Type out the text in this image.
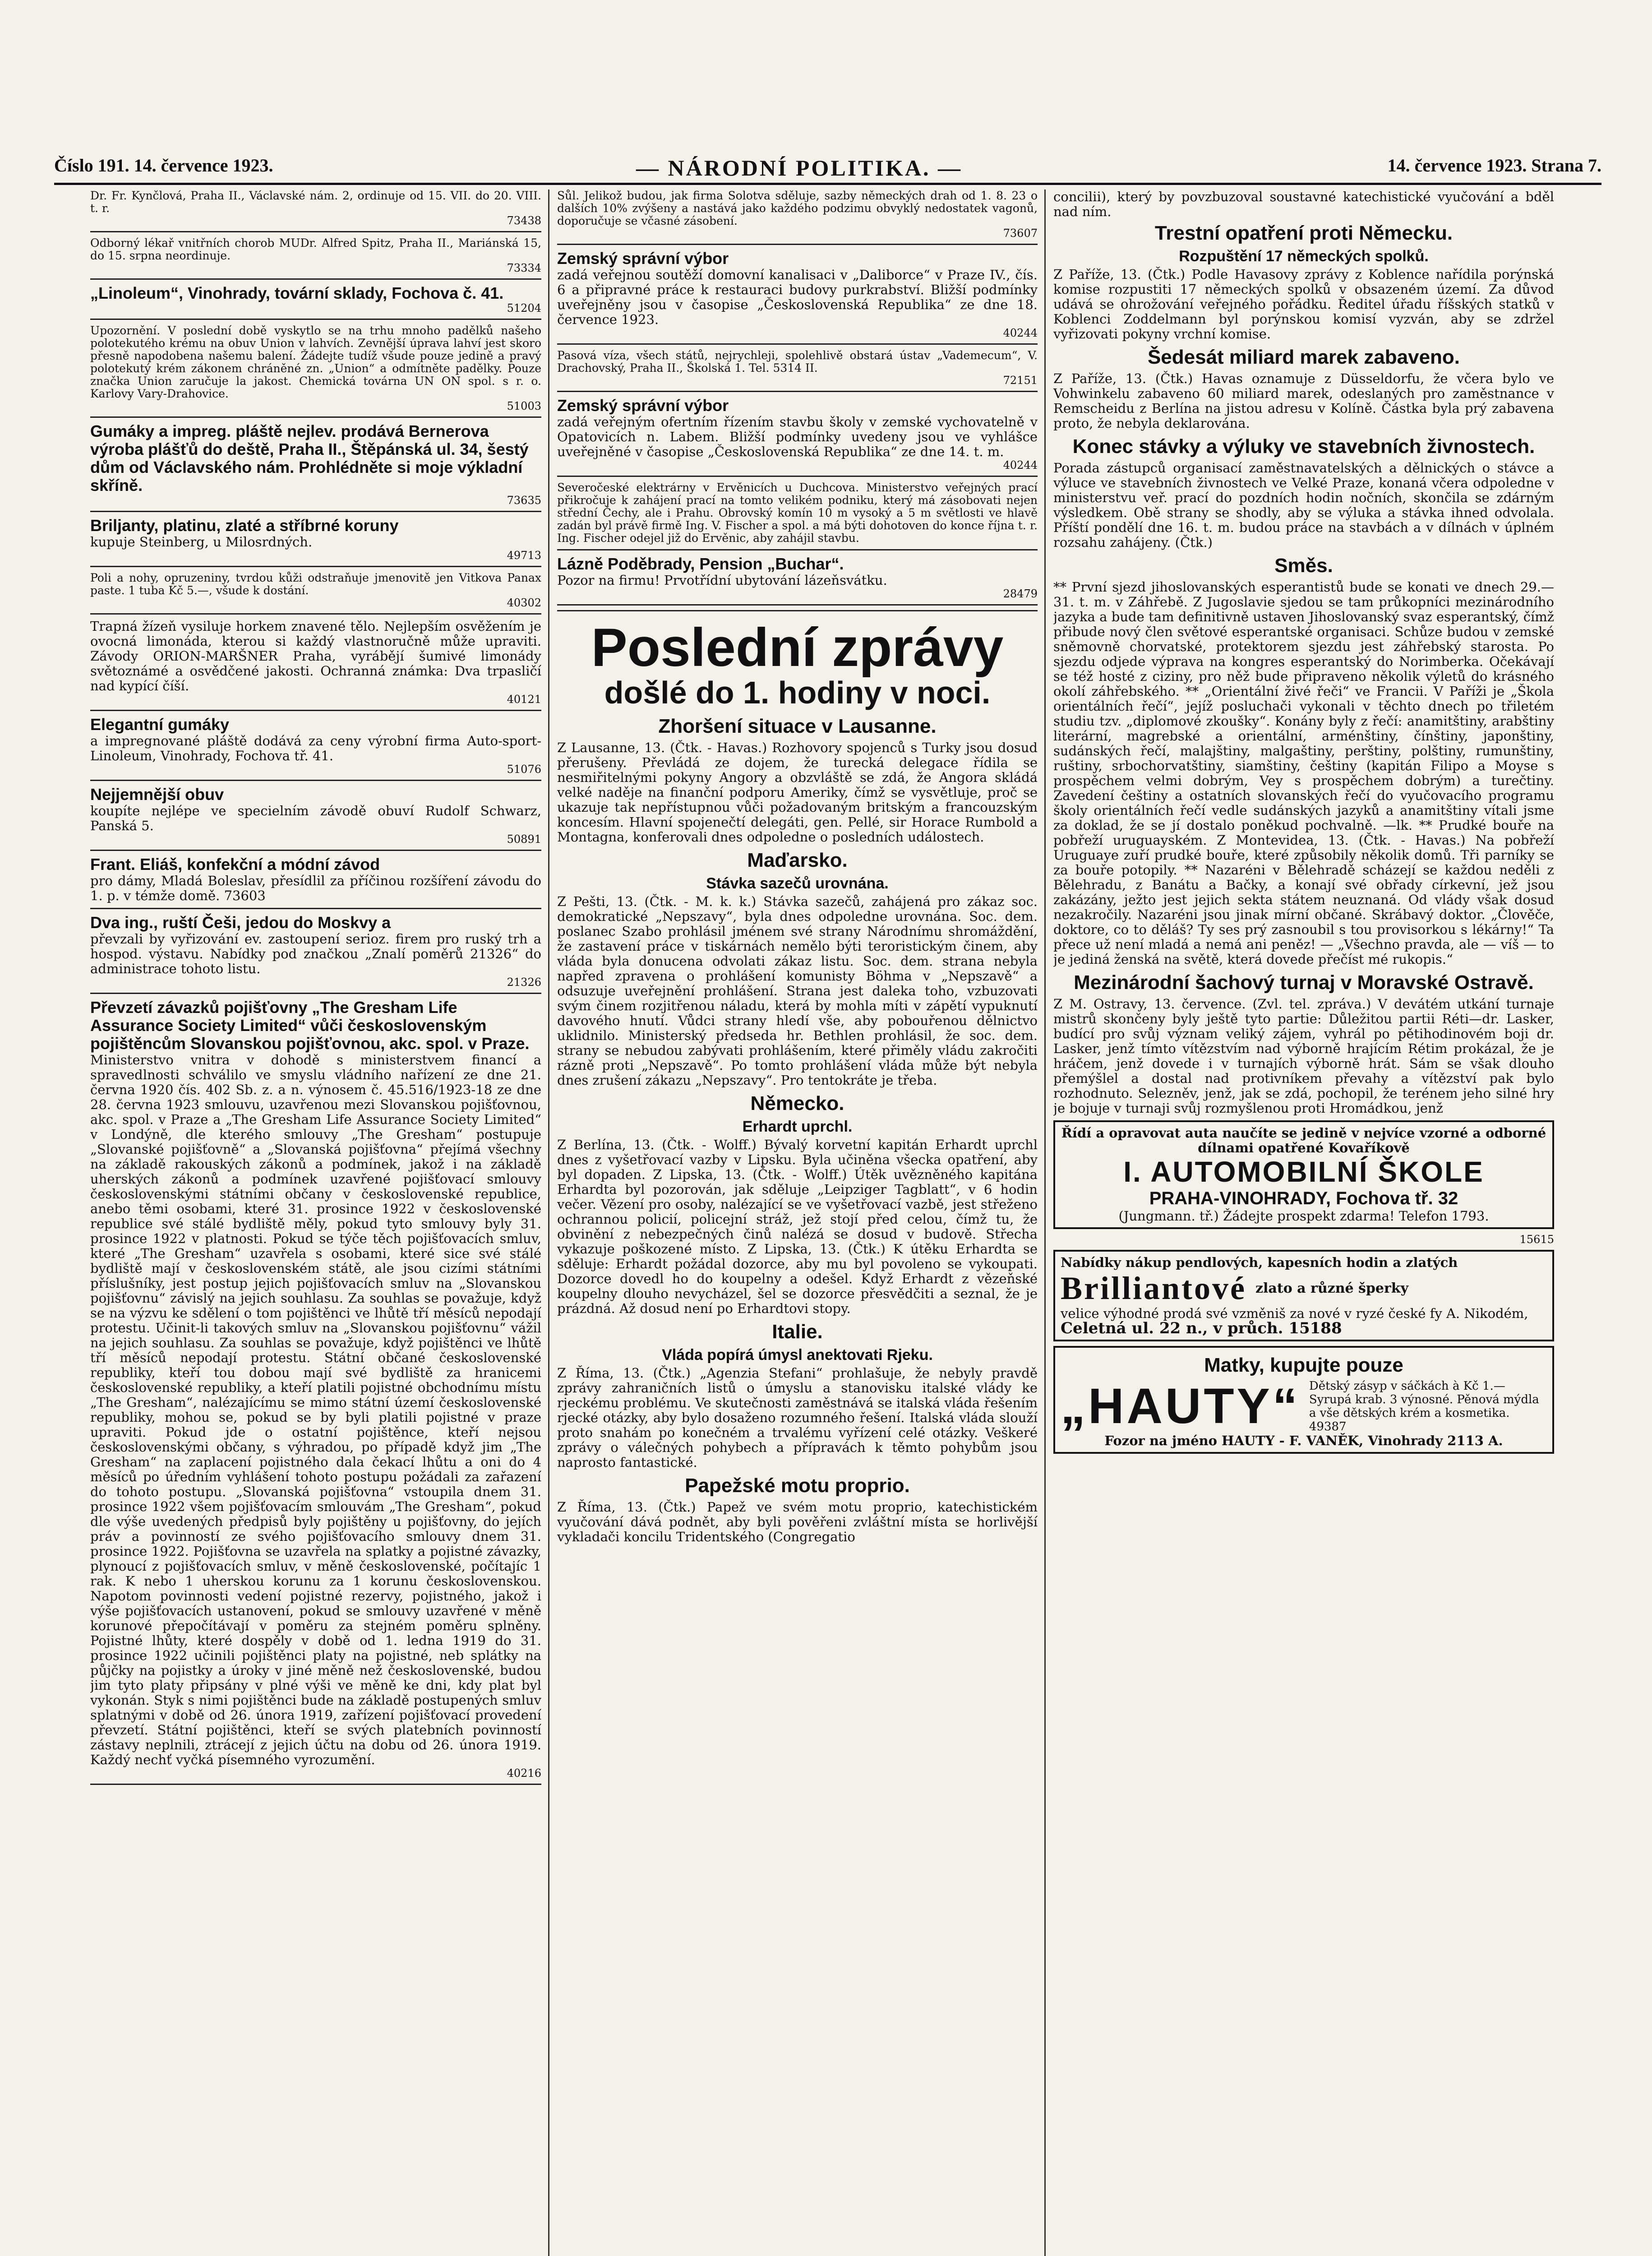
Číslo 191. 14. července 1923.	— NÁRODNÍ POLITIKA. —	14. července 1923. Strana 7.

Dr. Fr. Kynčlová, Praha II., Václavské nám. 2, ordinuje od 15. VII. do 20. VIII. t. r.

73438

Odborný lékař vnitřních chorob MUDr. Alfred Spitz, Praha II., Mariánská 15, do 15. srpna neordinuje.

73334
„Linoleum“, Vinohrady, tovární sklady, Fochova č. 41.
51204

Upozornění. V poslední době vyskytlo se na trhu mnoho padělků našeho polotekutého krému na obuv Union v lahvích. Zevnější úprava lahví jest skoro přesně napodobena našemu balení. Žádejte tudíž všude pouze jedině a pravý polotekutý krém zákonem chráněné zn. „Union“ a odmítněte padělky. Pouze značka Union zaručuje la jakost. Chemická továrna UN ON spol. s r. o. Karlovy Vary-Drahovice.

51003
Gumáky a impreg. pláště nejlev. prodává Bernerova výroba plášťů do deště, Praha II., Štěpánská ul. 34, šestý dům od Václavského nám. Prohlédněte si moje výkladní skříně.
73635
Briljanty, platinu, zlaté a stříbrné koruny

kupuje Steinberg, u Milosrdných.

49713

Poli a nohy, opruzeniny, tvrdou kůži odstraňuje jmenovitě jen Vitkova Panax paste. 1 tuba Kč 5.—, všude k dostání.

40302

Trapná žízeň vysiluje horkem znavené tělo. Nejlepším osvěžením je ovocná limonáda, kterou si každý vlastnoručně může upraviti. Závody ORION-MARŠNER Praha, vyrábějí šumivé limonády světoznámé a osvědčené jakosti. Ochranná známka: Dva trpasličí nad kypící číší.

40121
Elegantní gumáky

a impregnované pláště dodává za ceny výrobní firma Auto-sport-Linoleum, Vinohrady, Fochova tř. 41.

51076
Nejjemnější obuv

koupíte nejlépe ve specielním závodě obuví Rudolf Schwarz, Panská 5.

50891
Frant. Eliáš, konfekční a módní závod

pro dámy, Mladá Boleslav, přesídlil za příčinou rozšíření závodu do 1. p. v témže domě. 73603

Dva ing., ruští Češi, jedou do Moskvy a

převzali by vyřizování ev. zastoupení serioz. firem pro ruský trh a hospod. výstavu. Nabídky pod značkou „Znalí poměrů 21326“ do administrace tohoto listu.

21326
Převzetí závazků pojišťovny „The Gresham Life Assurance Society Limited“ vůči československým pojištěncům Slovanskou pojišťovnou, akc. spol. v Praze.

Ministerstvo vnitra v dohodě s ministerstvem financí a spravedlnosti schválilo ve smyslu vládního nařízení ze dne 21. června 1920 čís. 402 Sb. z. a n. výnosem č. 45.516/1923-18 ze dne 28. června 1923 smlouvu, uzavřenou mezi Slovanskou pojišťovnou, akc. spol. v Praze a „The Gresham Life Assurance Society Limited“ v Londýně, dle kterého smlouvy „The Gresham“ postupuje „Slovanské pojišťovně“ a „Slovanská pojišťovna“ přejímá všechny na základě rakouských zákonů a podmínek, jakož i na základě uherských zákonů a podmínek uzavřené pojišťovací smlouvy československými státními občany v československé republice, anebo těmi osobami, které 31. prosince 1922 v československé republice své stálé bydliště měly, pokud tyto smlouvy byly 31. prosince 1922 v platnosti. Pokud se týče těch pojišťovacích smluv, které „The Gresham“ uzavřela s osobami, které sice své stálé bydliště mají v československém státě, ale jsou cizími státními příslušníky, jest postup jejich pojišťovacích smluv na „Slovanskou pojišťovnu“ závislý na jejich souhlasu. Za souhlas se považuje, když se na výzvu ke sdělení o tom pojištěnci ve lhůtě tří měsíců nepodají protestu. Učinit-li takových smluv na „Slovanskou pojišťovnu“ vážil na jejich souhlasu. Za souhlas se považuje, když pojištěnci ve lhůtě tří měsíců nepodají protestu. Státní občané československé republiky, kteří tou dobou mají své bydliště za hranicemi československé republiky, a kteří platili pojistné obchodnímu místu „The Gresham“, nalézajícímu se mimo státní území československé republiky, mohou se, pokud se by byli platili pojistné v praze upraviti. Pokud jde o ostatní pojištěnce, kteří nejsou československými občany, s výhradou, po případě když jim „The Gresham“ na zaplacení pojistného dala čekací lhůtu a oni do 4 měsíců po úředním vyhlášení tohoto postupu požádali za zařazení do tohoto postupu. „Slovanská pojišťovna“ vstoupila dnem 31. prosince 1922 všem pojišťovacím smlouvám „The Gresham“, pokud dle výše uvedených předpisů byly pojištěny u pojišťovny, do jejích práv a povinností ze svého pojišťovacího smlouvy dnem 31. prosince 1922. Pojišťovna se uzavřela na splatky a pojistné závazky, plynoucí z pojišťovacích smluv, v měně československé, počítajíc 1 rak. K nebo 1 uherskou korunu za 1 korunu československou. Napotom povinnosti vedení pojistné rezervy, pojistného, jakož i výše pojišťovacích ustanovení, pokud se smlouvy uzavřené v měně korunové přepočítávají v poměru za stejném poměru splněny. Pojistné lhůty, které dospěly v době od 1. ledna 1919 do 31. prosince 1922 učinili pojištěnci platy na pojistné, neb splátky na půjčky na pojistky a úroky v jiné měně než československé, budou jim tyto platy připsány v plné výši ve měně ke dni, kdy plat byl vykonán. Styk s nimi pojištěnci bude na základě postupených smluv splatnými v době od 26. února 1919, zařízení pojišťovací provedení převzetí. Státní pojištěnci, kteří se svých platebních povinností zástavy neplnili, ztrácejí z jejich účtu na dobu od 26. února 1919. Každý nechť vyčká písemného vyrozumění.

40216

Sůl. Jelikož budou, jak firma Solotva sděluje, sazby německých drah od 1. 8. 23 o dalších 10% zvýšeny a nastává jako každého podzimu obvyklý nedostatek vagonů, doporučuje se včasné zásobení.

73607
Zemský správní výbor

zadá veřejnou soutěží domovní kanalisaci v „Daliborce“ v Praze IV., čís. 6 a připravné práce k restauraci budovy purkrabství. Bližší podmínky uveřejněny jsou v časopise „Československá Republika“ ze dne 18. července 1923.

40244

Pasová víza, všech států, nejrychleji, spolehlivě obstará ústav „Vademecum“, V. Drachovský, Praha II., Školská 1. Tel. 5314 II.

72151
Zemský správní výbor

zadá veřejným ofertním řízením stavbu školy v zemské vychovatelně v Opatovicích n. Labem. Bližší podmínky uvedeny jsou ve vyhlášce uveřejněné v časopise „Československá Republika“ ze dne 14. t. m.

40244

Severočeské elektrárny v Ervěnicích u Duchcova. Ministerstvo veřejných prací přikročuje k zahájení prací na tomto velikém podniku, který má zásobovati nejen střední Čechy, ale i Prahu. Obrovský komín 10 m vysoký a 5 m světlosti ve hlavě zadán byl právě firmě Ing. V. Fischer a spol. a má býti dohotoven do konce října t. r. Ing. Fischer odejel již do Ervěnic, aby zahájil stavbu.

Lázně Poděbrady, Pension „Buchar“.

Pozor na firmu! Prvotřídní ubytování lázeňsvátku.

28479
Poslední zprávy
došlé do 1. hodiny v noci.
Zhoršení situace v Lausanne.

Z Lausanne, 13. (Čtk. - Havas.) Rozhovory spojenců s Turky jsou dosud přerušeny. Převládá ze dojem, že turecká delegace řídila se nesmiřitelnými pokyny Angory a obzvláště se zdá, že Angora skládá velké naděje na finanční podporu Ameriky, čímž se vysvětluje, proč se ukazuje tak nepřístupnou vůči požadovaným britským a francouzským koncesím. Hlavní spojenečtí delegáti, gen. Pellé, sir Horace Rumbold a Montagna, konferovali dnes odpoledne o posledních událostech.

Maďarsko.
Stávka sazečů urovnána.

Z Pešti, 13. (Čtk. - M. k. k.) Stávka sazečů, zahájená pro zákaz soc. demokratické „Nepszavy“, byla dnes odpoledne urovnána. Soc. dem. poslanec Szabo prohlásil jménem své strany Národnímu shromáždění, že zastavení práce v tiskárnách nemělo býti teroristickým činem, aby vláda byla donucena odvolati zákaz listu. Soc. dem. strana nebyla napřed zpravena o prohlášení komunisty Böhma v „Nepszavě“ a odsuzuje uveřejnění prohlášení. Strana jest daleka toho, vzbuzovati svým činem rozjitřenou náladu, která by mohla míti v zápětí vypuknutí davového hnutí. Vůdci strany hledí vše, aby pobouřenou dělnictvo uklidnilo. Ministerský předseda hr. Bethlen prohlásil, že soc. dem. strany se nebudou zabývati prohlášením, které přiměly vládu zakročiti rázně proti „Nepszavě“. Po tomto prohlášení vláda může být nebyla dnes zrušení zákazu „Nepszavy“. Pro tentokráte je třeba.

Německo.
Erhardt uprchl.

Z Berlína, 13. (Čtk. - Wolff.) Bývalý korvetní kapitán Erhardt uprchl dnes z vyšetřovací vazby v Lipsku. Byla učiněna všecka opatření, aby byl dopaden. Z Lipska, 13. (Čtk. - Wolff.) Útěk uvězněného kapitána Erhardta byl pozorován, jak sděluje „Leipziger Tagblatt“, v 6 hodin večer. Vězení pro osoby, nalézající se ve vyšetřovací vazbě, jest střeženo ochrannou policií, policejní stráž, jež stojí před celou, čímž tu, že obvinění z nebezpečných činů nalézá se dosud v budově. Střecha vykazuje poškozené místo. Z Lipska, 13. (Čtk.) K útěku Erhardta se sděluje: Erhardt požádal dozorce, aby mu byl povoleno se vykoupati. Dozorce dovedl ho do koupelny a odešel. Když Erhardt z vězeňské koupelny dlouho nevycházel, šel se dozorce přesvědčiti a seznal, že je prázdná. Až dosud není po Erhardtovi stopy.

Italie.
Vláda popírá úmysl anektovati Rjeku.

Z Říma, 13. (Čtk.) „Agenzia Stefani“ prohlašuje, že nebyly pravdě zprávy zahraničních listů o úmyslu a stanovisku italské vlády ke rjeckému problému. Ve skutečnosti zaměstnává se italská vláda řešením rjecké otázky, aby bylo dosaženo rozumného řešení. Italská vláda slouží proto snahám po konečném a trvalému vyřízení celé otázky. Veškeré zprávy o válečných pohybech a přípravách k těmto pohybům jsou naprosto fantastické.

Papežské motu proprio.

Z Říma, 13. (Čtk.) Papež ve svém motu proprio, katechistickém vyučování dává podnět, aby byli pověřeni zvláštní místa se horlivější vykladači koncilu Tridentského (Congregatio

concilii), který by povzbuzoval soustavné katechistické vyučování a bděl nad ním.

Trestní opatření proti Německu.
Rozpuštění 17 německých spolků.

Z Paříže, 13. (Čtk.) Podle Havasovy zprávy z Koblence nařídila porýnská komise rozpustiti 17 německých spolků v obsazeném území. Za důvod udává se ohrožování veřejného pořádku. Ředitel úřadu říšských statků v Koblenci Zoddelmann byl porýnskou komisí vyzván, aby se zdržel vyřizovati pokyny vrchní komise.

Šedesát miliard marek zabaveno.

Z Paříže, 13. (Čtk.) Havas oznamuje z Düsseldorfu, že včera bylo ve Vohwinkelu zabaveno 60 miliard marek, odeslaných pro zaměstnance v Remscheidu z Berlína na jistou adresu v Kolíně. Částka byla prý zabavena proto, že nebyla deklarována.

Konec stávky a výluky ve stavebních živnostech.

Porada zástupců organisací zaměstnavatelských a dělnických o stávce a výluce ve stavebních živnostech ve Velké Praze, konaná včera odpoledne v ministerstvu veř. prací do pozdních hodin nočních, skončila se zdárným výsledkem. Obě strany se shodly, aby se výluka a stávka ihned odvolala. Příští pondělí dne 16. t. m. budou práce na stavbách a v dílnách v úplném rozsahu zahájeny. (Čtk.)

Směs.

** První sjezd jihoslovanských esperantistů bude se konati ve dnech 29.—31. t. m. v Záhřebě. Z Jugoslavie sjedou se tam průkopníci mezinárodního jazyka a bude tam definitivně ustaven Jihoslovanský svaz esperantský, čímž přibude nový člen světové esperantské organisaci. Schůze budou v zemské sněmovně chorvatské, protektorem sjezdu jest záhřebský starosta. Po sjezdu odjede výprava na kongres esperantský do Norimberka. Očekávají se též hosté z ciziny, pro něž bude připraveno několik výletů do krásného okolí záhřebského. ** „Orientální živé řeči“ ve Francii. V Paříži je „Škola orientálních řečí“, jejíž posluchači vykonali v těchto dnech po třiletém studiu tzv. „diplomové zkoušky“. Konány byly z řečí: anamitštiny, arabštiny literární, magrebské a orientální, arménštiny, čínštiny, japonštiny, sudánských řečí, malajštiny, malgaštiny, perštiny, polštiny, rumunštiny, ruštiny, srbochorvatštiny, siamštiny, češtiny (kapitán Filipo a Moyse s prospěchem velmi dobrým, Vey s prospěchem dobrým) a turečtiny. Zavedení češtiny a ostatních slovanských řečí do vyučovacího programu školy orientálních řečí vedle sudánských jazyků a anamitštiny vítali jsme za doklad, že se jí dostalo poněkud pochvalně. —lk. ** Prudké bouře na pobřeží uruguayském. Z Montevidea, 13. (Čtk. - Havas.) Na pobřeží Uruguaye zuří prudké bouře, které způsobily několik domů. Tři parníky se za bouře potopily. ** Nazaréni v Bělehradě scházejí se každou neděli z Bělehradu, z Banátu a Bačky, a konají své obřady církevní, jež jsou zakázány, ježto jest jejich sekta státem neuznaná. Od vlády však dosud nezakročily. Nazaréni jsou jinak mírní občané. Skrábavý doktor. „Člověče, doktore, co to děláš? Ty ses prý zasnoubil s tou provisorkou s lékárny!“ Ta přece už není mladá a nemá ani peněz! — „Všechno pravda, ale — víš — to je jediná ženská na světě, která dovede přečíst mé rukopis.“

Mezinárodní šachový turnaj v Moravské Ostravě.

Z M. Ostravy, 13. července. (Zvl. tel. zpráva.) V devátém utkání turnaje mistrů skončeny byly ještě tyto partie: Důležitou partii Réti—dr. Lasker, budící pro svůj význam veliký zájem, vyhrál po pětihodinovém boji dr. Lasker, jenž tímto vítězstvím nad výborně hrajícím Rétim prokázal, že je hráčem, jenž dovede i v turnajích výborně hrát. Sám se však dlouho přemýšlel a dostal nad protivníkem převahy a vítězství pak bylo rozhodnuto. Selezněv, jenž, jak se zdá, pochopil, že terénem jeho silné hry je bojuje v turnaji svůj rozmyšlenou proti Hromádkou, jenž

Řídí a opravovat auta naučíte se jedině v nejvíce vzorné a odborné dílnami opatřené Kovaříkově

I. AUTOMOBILNÍ ŠKOLE
PRAHA-VINOHRADY, Fochova tř. 32

(Jungmann. tř.) Žádejte prospekt zdarma! Telefon 1793.

15615

Nabídky nákup pendlových, kapesních hodin a zlatých

Brilliantové zlato a různé šperky

velice výhodné prodá své vzměniš za nové v ryzé české fy A. Nikodém,

Celetná ul. 22 n., v průch. 15188

Matky, kupujte pouze
„HAUTY“ Dětský zásyp v sáčkách à Kč 1.— Syrupá krab. 3 výnosné. Pěnová mýdla a vše dětských krém a kosmetika. 49387

Fozor na jméno HAUTY - F. VANĚK, Vinohrady 2113 A.
